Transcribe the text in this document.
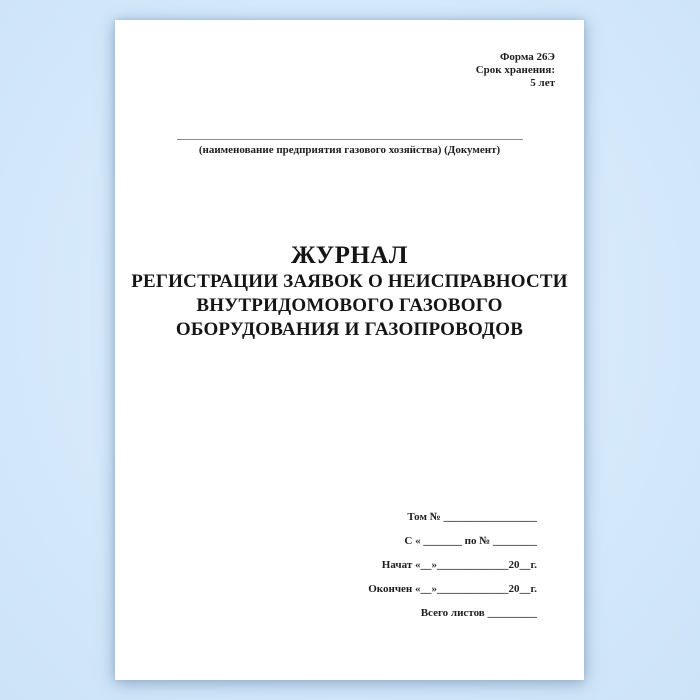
Форма 26Э
Срок хранения:
5 лет
(наименование предприятия газового хозяйства) (Документ)
ЖУРНАЛ
РЕГИСТРАЦИИ ЗАЯВОК О НЕИСПРАВНОСТИ
ВНУТРИДОМОВОГО ГАЗОВОГО
ОБОРУДОВАНИЯ И ГАЗОПРОВОДОВ
Том № _________________
С « _______ по № ________
Начат «__»_____________20__г.
Окончен «__»_____________20__г.
Всего листов _________
